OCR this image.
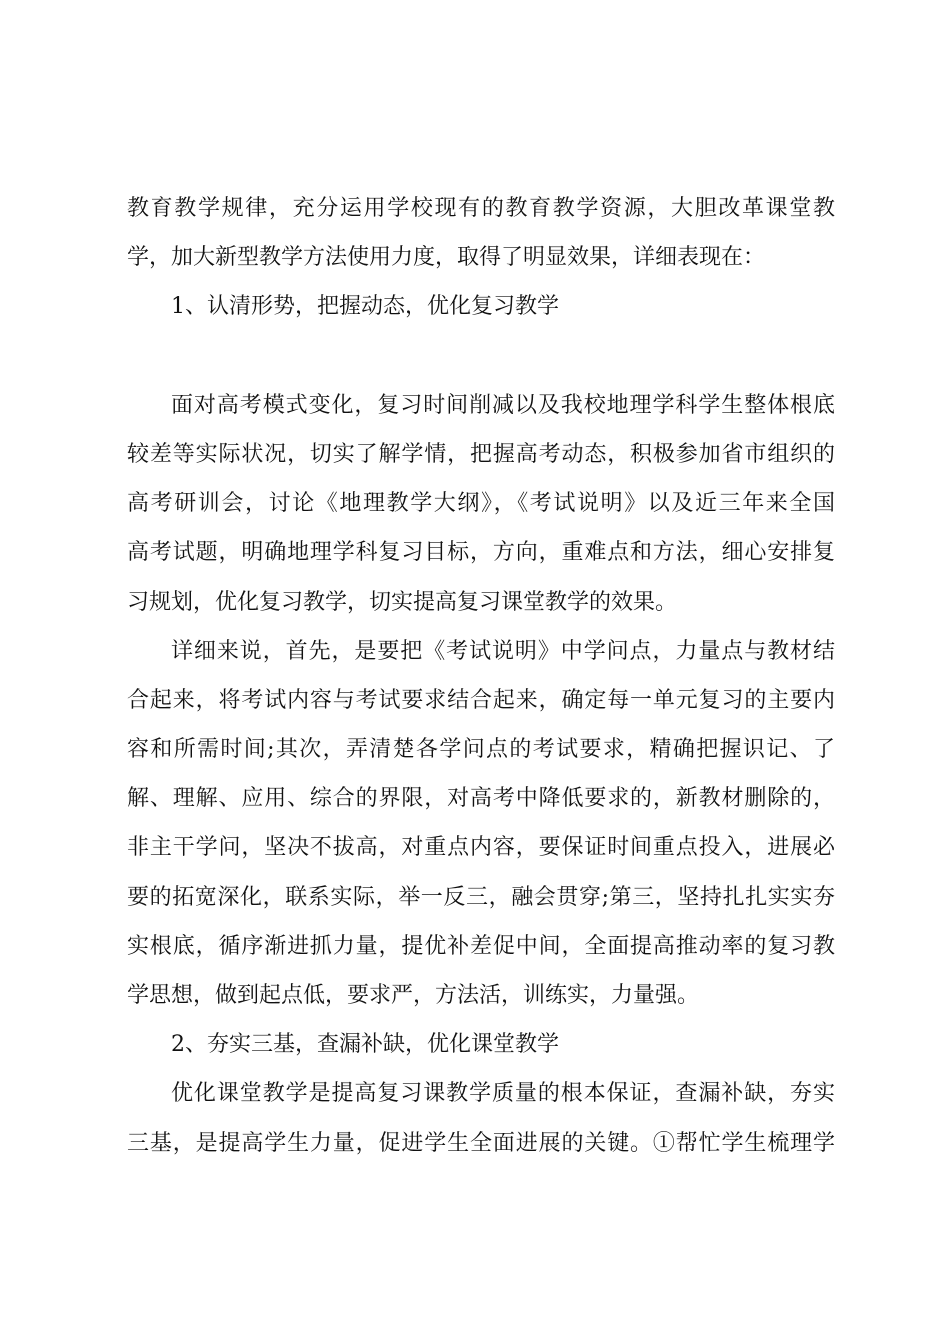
教育教学规律，充分运用学校现有的教育教学资源，大胆改革课堂教
学，加大新型教学方法使用力度，取得了明显效果，详细表现在：
1、认清形势，把握动态，优化复习教学
面对高考模式变化，复习时间削减以及我校地理学科学生整体根底
较差等实际状况，切实了解学情，把握高考动态，积极参加省市组织的
高考研训会，讨论《地理教学大纲》，《考试说明》以及近三年来全国
高考试题，明确地理学科复习目标，方向，重难点和方法，细心安排复
习规划，优化复习教学，切实提高复习课堂教学的效果。
详细来说，首先，是要把《考试说明》中学问点，力量点与教材结
合起来，将考试内容与考试要求结合起来，确定每一单元复习的主要内
容和所需时间;其次，弄清楚各学问点的考试要求，精确把握识记、了
解、理解、应用、综合的界限，对高考中降低要求的，新教材删除的，
非主干学问，坚决不拔高，对重点内容，要保证时间重点投入，进展必
要的拓宽深化，联系实际，举一反三，融会贯穿;第三，坚持扎扎实实夯
实根底，循序渐进抓力量，提优补差促中间，全面提高推动率的复习教
学思想，做到起点低，要求严，方法活，训练实，力量强。
2、夯实三基，查漏补缺，优化课堂教学
优化课堂教学是提高复习课教学质量的根本保证，查漏补缺，夯实
三基，是提高学生力量，促进学生全面进展的关键。①帮忙学生梳理学
